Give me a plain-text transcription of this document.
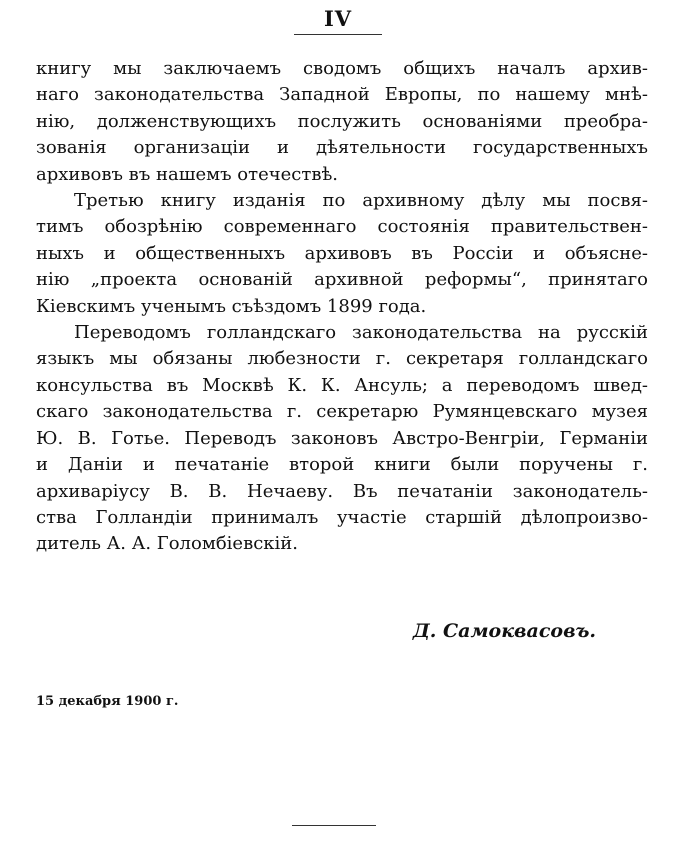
IV
книгу мы заключаемъ сводомъ общихъ началъ архив-
наго законодательства Западной Европы, по нашему мнѣ-
нію, долженствующихъ послужить основаніями преобра-
зованія организаціи и дѣятельности государственныхъ
архивовъ въ нашемъ отечествѣ.
Третью книгу изданія по архивному дѣлу мы посвя-
тимъ обозрѣнію современнаго состоянія правительствен-
ныхъ и общественныхъ архивовъ въ Россіи и объясне-
нію „проекта основаній архивной реформы“, принятаго
Кіевскимъ ученымъ съѣздомъ 1899 года.
Переводомъ голландскаго законодательства на русскій
языкъ мы обязаны любезности г. секретаря голландскаго
консульства въ Москвѣ К. К. Ансуль; а переводомъ швед-
скаго законодательства г. секретарю Румянцевскаго музея
Ю. В. Готье. Переводъ законовъ Австро-Венгріи, Германіи
и Даніи и печатаніе второй книги были поручены г.
архиваріусу В. В. Нечаеву. Въ печатаніи законодатель-
ства Голландіи принималъ участіе старшій дѣлопроизво-
дитель А. А. Голомбіевскій.
Д. Самоквасовъ.
15 декабря 1900 г.
